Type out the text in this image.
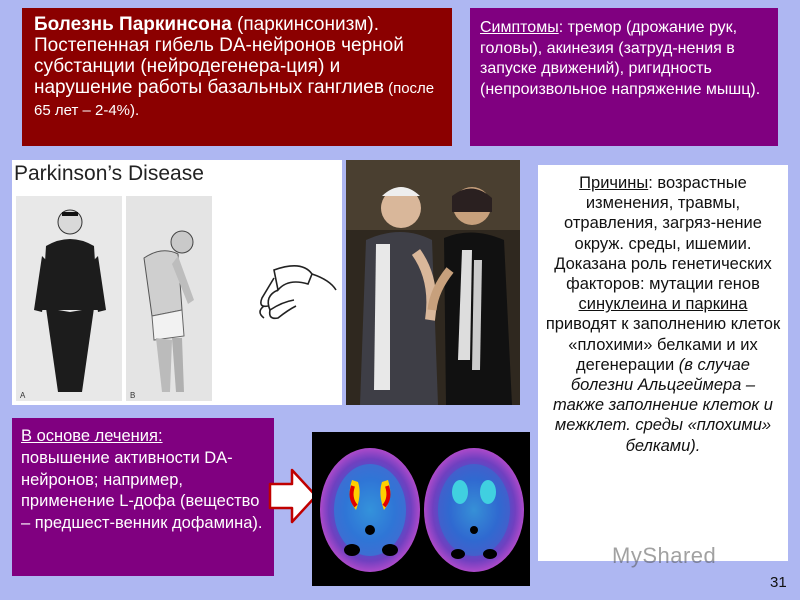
Болезнь Паркинсона (паркинсонизм). Постепенная гибель DA-нейронов черной субстанции (нейродегенера-ция) и нарушение работы базальных ганглиев (после 65 лет – 2-4%).
Симптомы: тремор (дрожание рук, головы), акинезия (затруд-нения в запуске движений), ригидность (непроизвольное напряжение мышц).
Parkinson’s Disease
A	B
Причины: возрастные изменения, травмы, отравления, загряз-нение окруж. среды, ишемии. Доказана роль генетических факторов: мутации генов синуклеина и паркина приводят к заполнению клеток «плохими» белками и их дегенерации (в случае болезни Альцгеймера – также заполнение клеток и межклет. среды «плохими» белками).
В основе лечения:
повышение активности DA-нейронов; например, применение L-дофа (вещество – предшест-венник дофамина).
MyShared
31
